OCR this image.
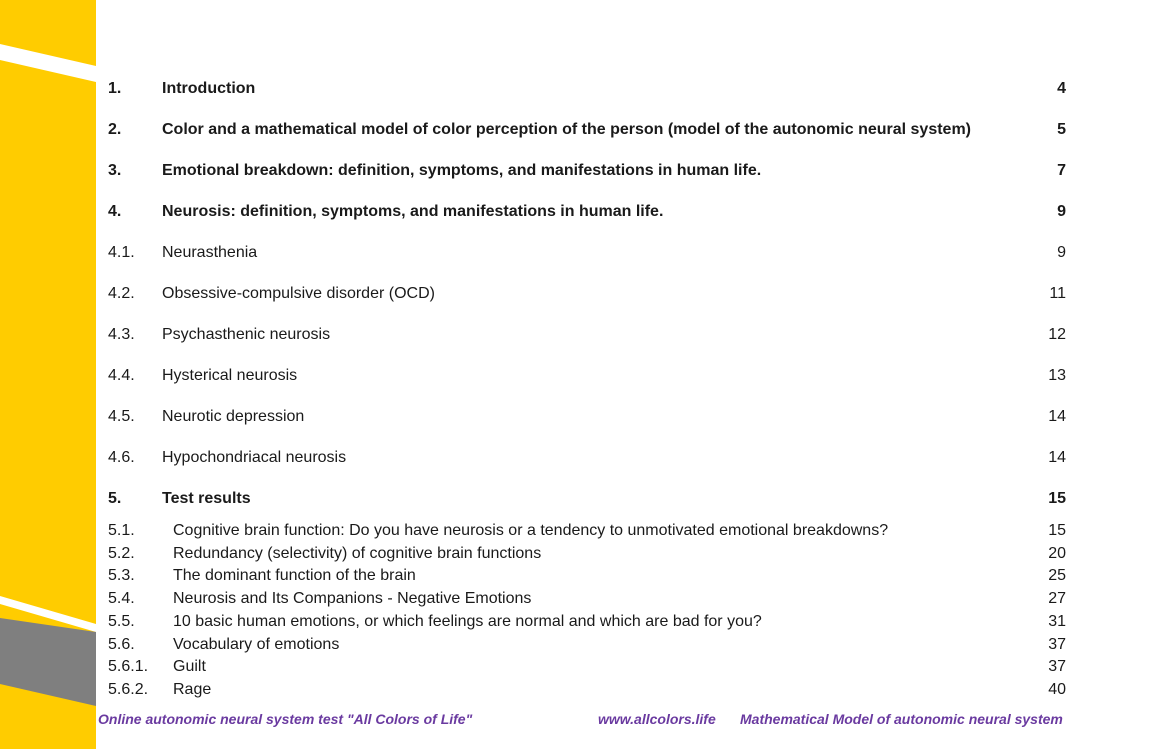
1.	Introduction	4
2.	Color and a mathematical model of color perception of the person (model of the autonomic neural system)	5
3.	Emotional breakdown: definition, symptoms, and manifestations in human life.	7
4.	Neurosis: definition, symptoms, and manifestations in human life.	9
4.1. Neurasthenia	9
4.2. Obsessive-compulsive disorder (OCD)	11
4.3. Psychasthenic neurosis	12
4.4. Hysterical neurosis	13
4.5. Neurotic depression	14
4.6. Hypochondriacal neurosis	14
5.	Test results	15
5.1. Cognitive brain function: Do you have neurosis or a tendency to unmotivated emotional breakdowns?	15
5.2. Redundancy (selectivity) of cognitive brain functions	20
5.3. The dominant function of the brain	25
5.4. Neurosis and Its Companions - Negative Emotions	27
5.5. 10 basic human emotions, or which feelings are normal and which are bad for you?	31
5.6. Vocabulary of emotions	37
5.6.1. Guilt	37
5.6.2. Rage	40
Online autonomic neural system test "All Colors of Life"	www.allcolors.life Mathematical Model of autonomic neural system
